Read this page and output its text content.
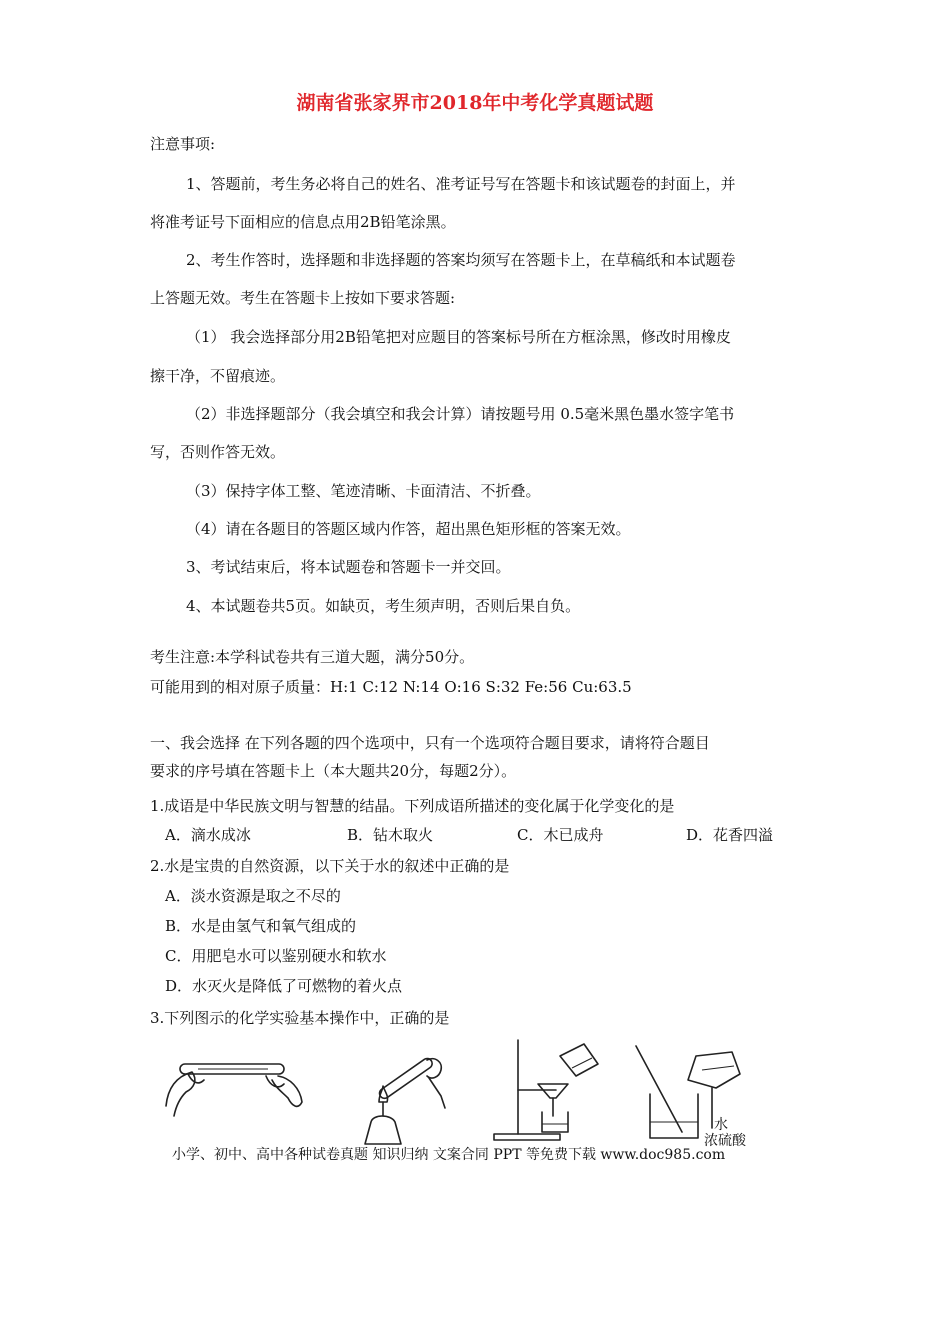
湖南省张家界市2018年中考化学真题试题
注意事项:
1、答题前，考生务必将自己的姓名、准考证号写在答题卡和该试题卷的封面上，并
将准考证号下面相应的信息点用2B铅笔涂黑。
2、考生作答时，选择题和非选择题的答案均须写在答题卡上，在草稿纸和本试题卷
上答题无效。考生在答题卡上按如下要求答题:
（1） 我会选择部分用2B铅笔把对应题目的答案标号所在方框涂黑，修改时用橡皮
擦干净，不留痕迹。
（2）非选择题部分（我会填空和我会计算）请按题号用 0.5毫米黑色墨水签字笔书
写，否则作答无效。
（3）保持字体工整、笔迹清晰、卡面清洁、不折叠。
（4）请在各题目的答题区域内作答，超出黑色矩形框的答案无效。
3、考试结束后，将本试题卷和答题卡一并交回。
4、本试题卷共5页。如缺页，考生须声明，否则后果自负。
考生注意:本学科试卷共有三道大题，满分50分。
可能用到的相对原子质量：H:1 C:12 N:14 O:16 S:32 Fe:56 Cu:63.5
一、我会选择 在下列各题的四个选项中，只有一个选项符合题目要求，请将符合题目
要求的序号填在答题卡上（本大题共20分，每题2分）。
1.成语是中华民族文明与智慧的结晶。下列成语所描述的变化属于化学变化的是
A．滴水成冰	B．钻木取火	C．木已成舟	D．花香四溢
2.水是宝贵的自然资源，以下关于水的叙述中正确的是
A．淡水资源是取之不尽的
B．水是由氢气和氧气组成的
C．用肥皂水可以鉴别硬水和软水
D．水灭火是降低了可燃物的着火点
3.下列图示的化学实验基本操作中，正确的是
水
浓硫酸
小学、初中、高中各种试卷真题 知识归纳 文案合同 PPT 等免费下载 www.doc985.com
